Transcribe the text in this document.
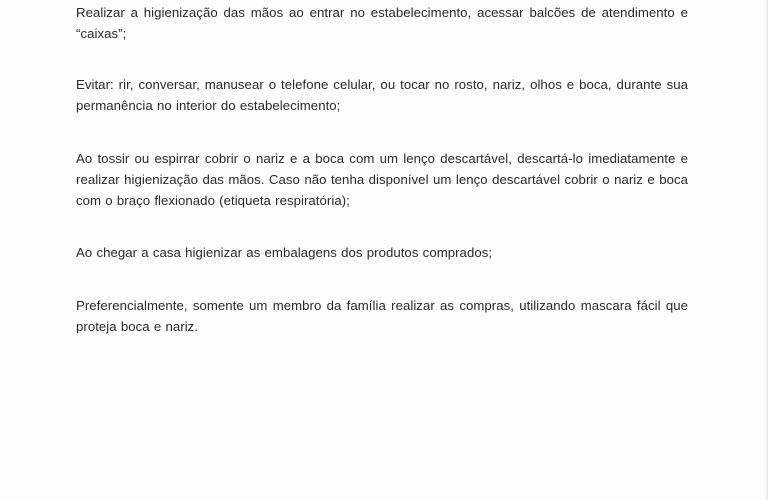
Realizar a higienização das mãos ao entrar no estabelecimento, acessar balcões de atendimento e
“caixas”;

Evitar: rir, conversar, manusear o telefone celular, ou tocar no rosto, nariz, olhos e boca, durante sua
permanência no interior do estabelecimento;

Ao tossir ou espirrar cobrir o nariz e a boca com um lenço descartável, descartá-lo imediatamente e
realizar higienização das mãos. Caso não tenha disponível um lenço descartável cobrir o nariz e boca
com o braço flexionado (etiqueta respiratória);

Ao chegar a casa higienizar as embalagens dos produtos comprados;

Preferencialmente, somente um membro da família realizar as compras, utilizando mascara fácil que
proteja boca e nariz.
